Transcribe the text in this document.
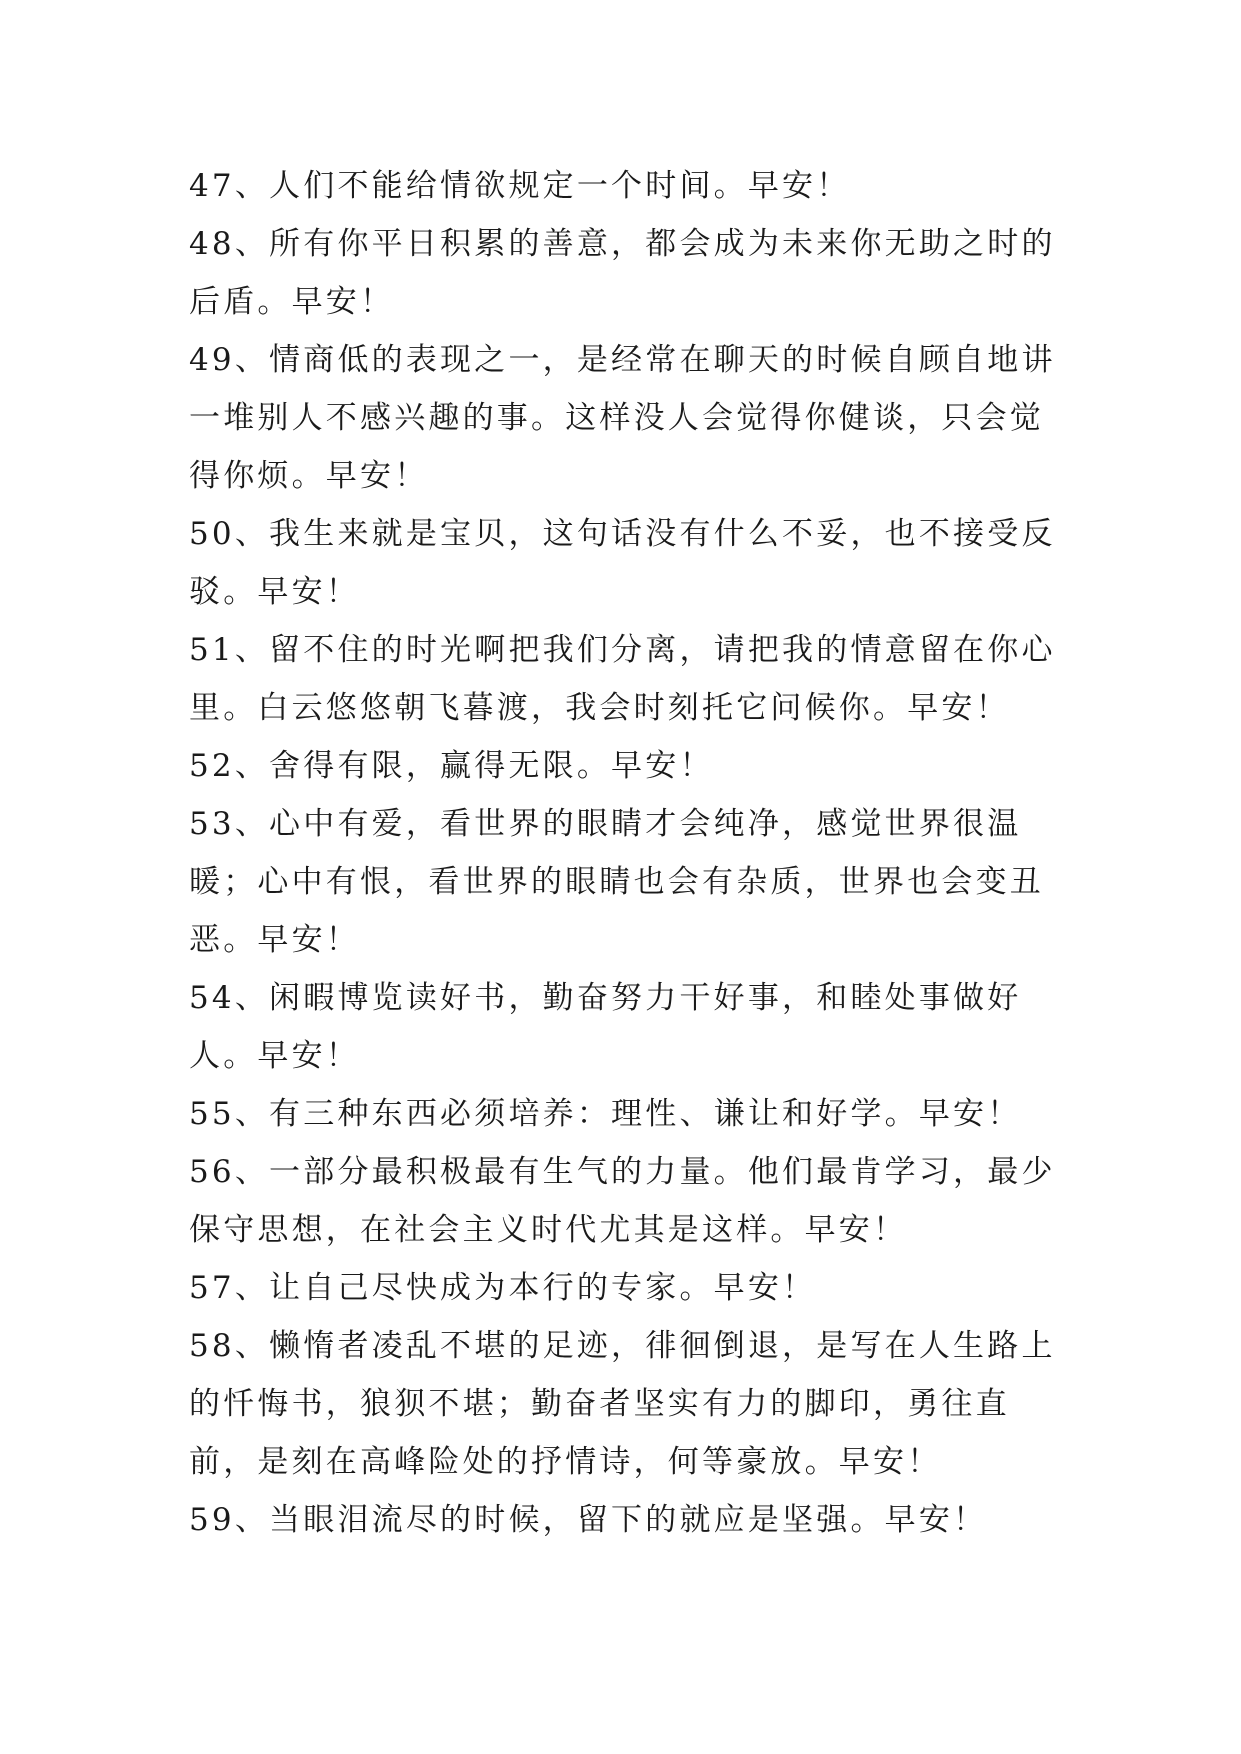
47、人们不能给情欲规定一个时间。早安！

48、所有你平日积累的善意，都会成为未来你无助之时的后盾。早安！

49、情商低的表现之一，是经常在聊天的时候自顾自地讲一堆别人不感兴趣的事。这样没人会觉得你健谈，只会觉得你烦。早安！

50、我生来就是宝贝，这句话没有什么不妥，也不接受反驳。早安！

51、留不住的时光啊把我们分离，请把我的情意留在你心里。白云悠悠朝飞暮渡，我会时刻托它问候你。早安！

52、舍得有限，赢得无限。早安！

53、心中有爱，看世界的眼睛才会纯净，感觉世界很温暖；心中有恨，看世界的眼睛也会有杂质，世界也会变丑恶。早安！

54、闲暇博览读好书，勤奋努力干好事，和睦处事做好人。早安！

55、有三种东西必须培养：理性、谦让和好学。早安！

56、一部分最积极最有生气的力量。他们最肯学习，最少保守思想，在社会主义时代尤其是这样。早安！

57、让自己尽快成为本行的专家。早安！

58、懒惰者凌乱不堪的足迹，徘徊倒退，是写在人生路上的忏悔书，狼狈不堪；勤奋者坚实有力的脚印，勇往直前，是刻在高峰险处的抒情诗，何等豪放。早安！

59、当眼泪流尽的时候，留下的就应是坚强。早安！
